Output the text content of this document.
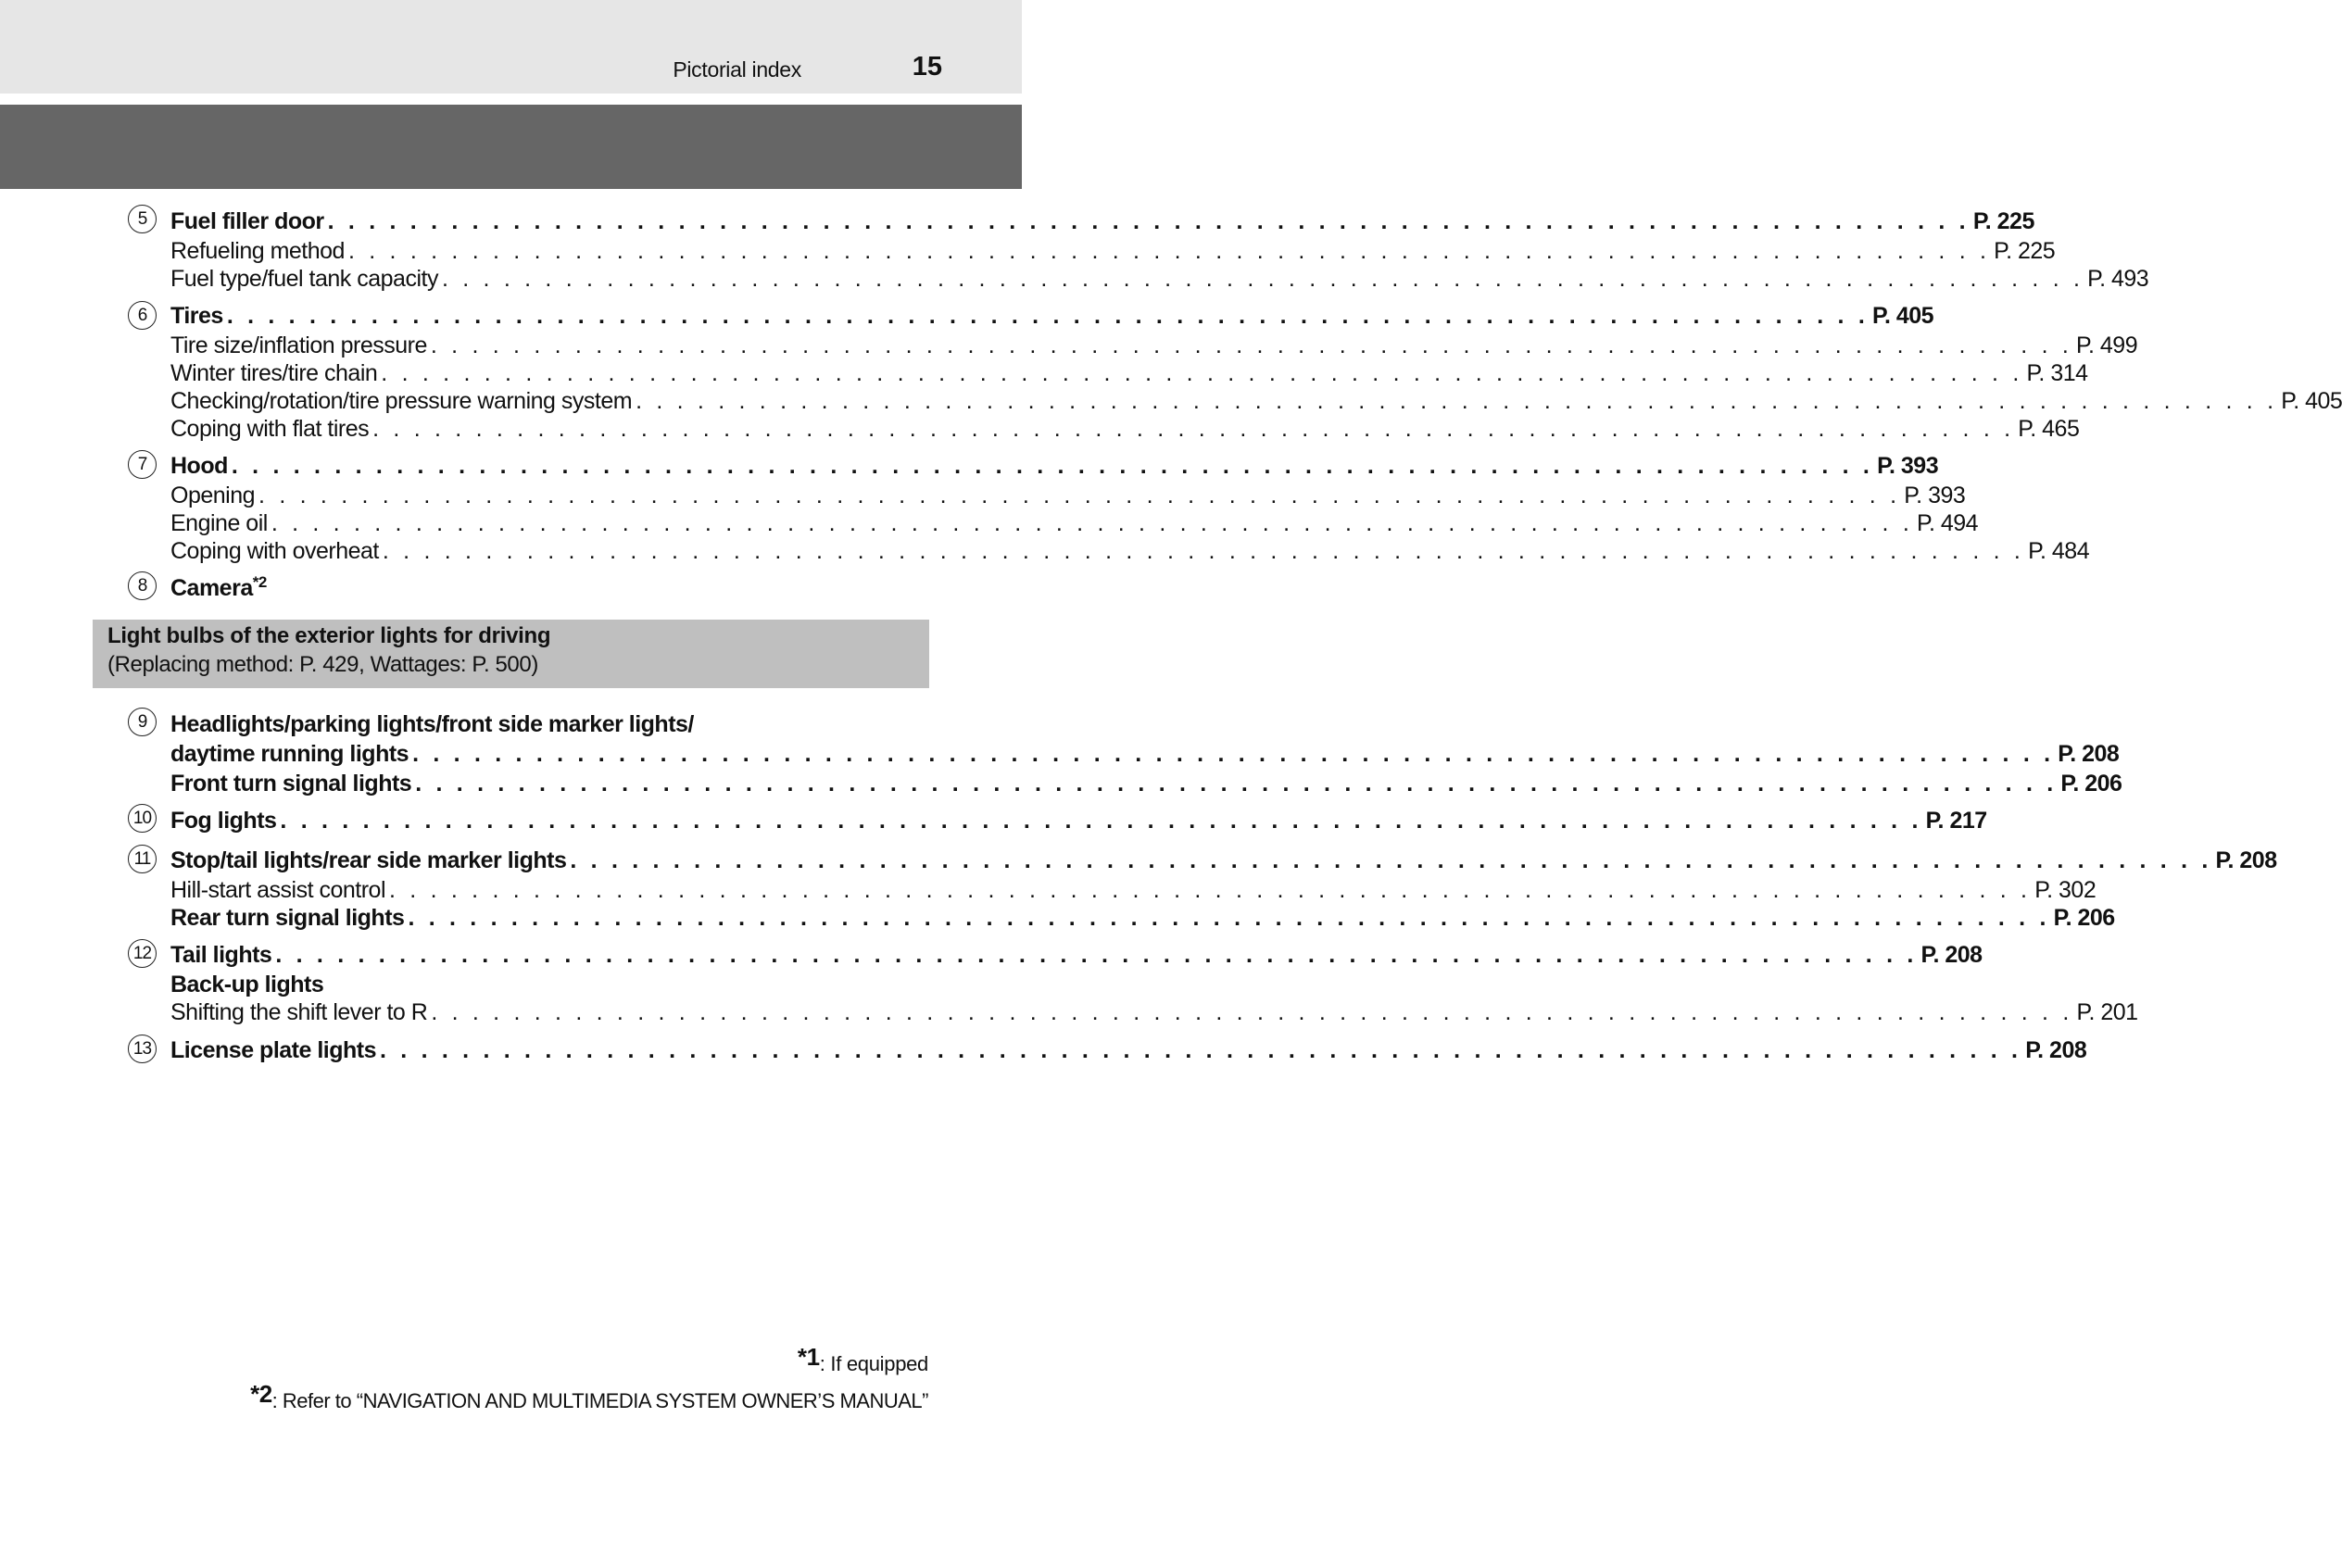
Pictorial index	15
5	Fuel filler door . . . . . . . . . . . . . . . . . . . . . . . . . . . . . . . . . . . . . . . . . . . . . . . . . . . . . . . . . . . . . . . . . . . . . . . . . . . . . . . . P. 225
Refueling method . . . . . . . . . . . . . . . . . . . . . . . . . . . . . . . . . . . . . . . . . . . . . . . . . . . . . . . . . . . . . . . . . . . . . . . . . . . . . . . . P. 225
Fuel type/fuel tank capacity . . . . . . . . . . . . . . . . . . . . . . . . . . . . . . . . . . . . . . . . . . . . . . . . . . . . . . . . . . . . . . . . . . . . . . . . . . . . . . . . P. 493
6	Tires . . . . . . . . . . . . . . . . . . . . . . . . . . . . . . . . . . . . . . . . . . . . . . . . . . . . . . . . . . . . . . . . . . . . . . . . . . . . . . . . P. 405
Tire size/inflation pressure . . . . . . . . . . . . . . . . . . . . . . . . . . . . . . . . . . . . . . . . . . . . . . . . . . . . . . . . . . . . . . . . . . . . . . . . . . . . . . . . P. 499
Winter tires/tire chain . . . . . . . . . . . . . . . . . . . . . . . . . . . . . . . . . . . . . . . . . . . . . . . . . . . . . . . . . . . . . . . . . . . . . . . . . . . . . . . . P. 314
Checking/rotation/tire pressure warning system . . . . . . . . . . . . . . . . . . . . . . . . . . . . . . . . . . . . . . . . . . . . . . . . . . . . . . . . . . . . . . . . . . . . . . . . . . . . . . . . P. 405
Coping with flat tires . . . . . . . . . . . . . . . . . . . . . . . . . . . . . . . . . . . . . . . . . . . . . . . . . . . . . . . . . . . . . . . . . . . . . . . . . . . . . . . . P. 465
7	Hood . . . . . . . . . . . . . . . . . . . . . . . . . . . . . . . . . . . . . . . . . . . . . . . . . . . . . . . . . . . . . . . . . . . . . . . . . . . . . . . . P. 393
Opening . . . . . . . . . . . . . . . . . . . . . . . . . . . . . . . . . . . . . . . . . . . . . . . . . . . . . . . . . . . . . . . . . . . . . . . . . . . . . . . . P. 393
Engine oil . . . . . . . . . . . . . . . . . . . . . . . . . . . . . . . . . . . . . . . . . . . . . . . . . . . . . . . . . . . . . . . . . . . . . . . . . . . . . . . . P. 494
Coping with overheat . . . . . . . . . . . . . . . . . . . . . . . . . . . . . . . . . . . . . . . . . . . . . . . . . . . . . . . . . . . . . . . . . . . . . . . . . . . . . . . . P. 484
8	Camera$^{*2}$
Light bulbs of the exterior lights for driving
(Replacing method: P. 429, Wattages: P. 500)
9	Headlights/parking lights/front side marker lights/
daytime running lights . . . . . . . . . . . . . . . . . . . . . . . . . . . . . . . . . . . . . . . . . . . . . . . . . . . . . . . . . . . . . . . . . . . . . . . . . . . . . . . . P. 208
Front turn signal lights . . . . . . . . . . . . . . . . . . . . . . . . . . . . . . . . . . . . . . . . . . . . . . . . . . . . . . . . . . . . . . . . . . . . . . . . . . . . . . . . P. 206
10 Fog lights . . . . . . . . . . . . . . . . . . . . . . . . . . . . . . . . . . . . . . . . . . . . . . . . . . . . . . . . . . . . . . . . . . . . . . . . . . . . . . . . P. 217
11 Stop/tail lights/rear side marker lights . . . . . . . . . . . . . . . . . . . . . . . . . . . . . . . . . . . . . . . . . . . . . . . . . . . . . . . . . . . . . . . . . . . . . . . . . . . . . . . . P. 208
Hill-start assist control . . . . . . . . . . . . . . . . . . . . . . . . . . . . . . . . . . . . . . . . . . . . . . . . . . . . . . . . . . . . . . . . . . . . . . . . . . . . . . . . P. 302
Rear turn signal lights . . . . . . . . . . . . . . . . . . . . . . . . . . . . . . . . . . . . . . . . . . . . . . . . . . . . . . . . . . . . . . . . . . . . . . . . . . . . . . . . P. 206
12 Tail lights . . . . . . . . . . . . . . . . . . . . . . . . . . . . . . . . . . . . . . . . . . . . . . . . . . . . . . . . . . . . . . . . . . . . . . . . . . . . . . . . P. 208
Back-up lights
Shifting the shift lever to R . . . . . . . . . . . . . . . . . . . . . . . . . . . . . . . . . . . . . . . . . . . . . . . . . . . . . . . . . . . . . . . . . . . . . . . . . . . . . . . . P. 201
13 License plate lights . . . . . . . . . . . . . . . . . . . . . . . . . . . . . . . . . . . . . . . . . . . . . . . . . . . . . . . . . . . . . . . . . . . . . . . . . . . . . . . . P. 208
*1: If equipped
*2: Refer to “NAVIGATION AND MULTIMEDIA SYSTEM OWNER’S MANUAL”
